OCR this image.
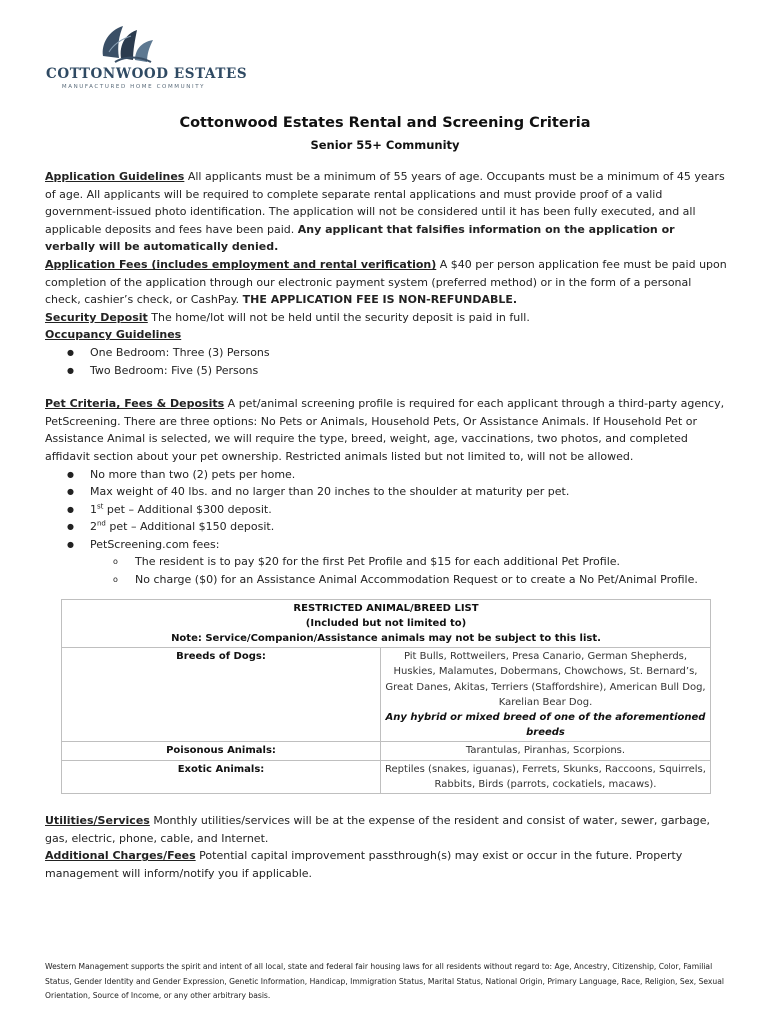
COTTONWOOD ESTATES
MANUFACTURED HOME COMMUNITY
Cottonwood Estates Rental and Screening Criteria
Senior 55+ Community

Application Guidelines All applicants must be a minimum of 55 years of age. Occupants must be a minimum of 45 years of age. All applicants will be required to complete separate rental applications and must provide proof of a valid government-issued photo identification. The application will not be considered until it has been fully executed, and all applicable deposits and fees have been paid. Any applicant that falsifies information on the application or verbally will be automatically denied.

Application Fees (includes employment and rental verification) A $40 per person application fee must be paid upon completion of the application through our electronic payment system (preferred method) or in the form of a personal check, cashier’s check, or CashPay. THE APPLICATION FEE IS NON-REFUNDABLE.

Security Deposit The home/lot will not be held until the security deposit is paid in full.

Occupancy Guidelines

● One Bedroom: Three (3) Persons
● Two Bedroom: Five (5) Persons

Pet Criteria, Fees & Deposits A pet/animal screening profile is required for each applicant through a third-party agency, PetScreening. There are three options: No Pets or Animals, Household Pets, Or Assistance Animals. If Household Pet or Assistance Animal is selected, we will require the type, breed, weight, age, vaccinations, two photos, and completed affidavit section about your pet ownership. Restricted animals listed but not limited to, will not be allowed.

● No more than two (2) pets per home.
● Max weight of 40 lbs. and no larger than 20 inches to the shoulder at maturity per pet.
● 1st pet – Additional $300 deposit.
● 2nd pet – Additional $150 deposit.
● PetScreening.com fees:
o The resident is to pay $20 for the first Pet Profile and $15 for each additional Pet Profile.
o No charge ($0) for an Assistance Animal Accommodation Request or to create a No Pet/Animal Profile.
RESTRICTED ANIMAL/BREED LIST
(Included but not limited to)
Note: Service/Companion/Assistance animals may not be subject to this list.	

Breeds of Dogs:	Pit Bulls, Rottweilers, Presa Canario, German Shepherds, Huskies, Malamutes, Dobermans, Chowchows, St. Bernard’s, Great Danes, Akitas, Terriers (Staffordshire), American Bull Dog, Karelian Bear Dog.
Any hybrid or mixed breed of one of the aforementioned breeds

Poisonous Animals:	Tarantulas, Piranhas, Scorpions.
Exotic Animals:	Reptiles (snakes, iguanas), Ferrets, Skunks, Raccoons, Squirrels, Rabbits, Birds (parrots, cockatiels, macaws).

Utilities/Services Monthly utilities/services will be at the expense of the resident and consist of water, sewer, garbage, gas, electric, phone, cable, and Internet.

Additional Charges/Fees Potential capital improvement passthrough(s) may exist or occur in the future. Property management will inform/notify you if applicable.

Western Management supports the spirit and intent of all local, state and federal fair housing laws for all residents without regard to: Age, Ancestry, Citizenship, Color, Familial Status, Gender Identity and Gender Expression, Genetic Information, Handicap, Immigration Status, Marital Status, National Origin, Primary Language, Race, Religion, Sex, Sexual Orientation, Source of Income, or any other arbitrary basis.
